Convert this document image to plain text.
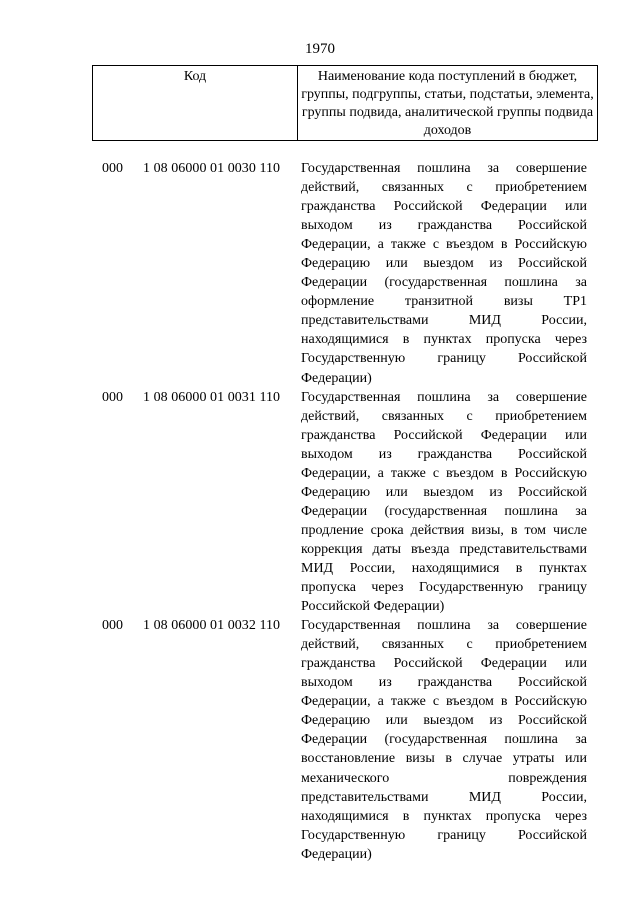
1970
Код	Наименование кода поступлений в бюджет, группы, подгруппы, статьи, подстатьи, элемента, группы подвида, аналитической группы подвида доходов
000 1 08 06000 01 0030 110 Государственная пошлина за совершение
действий, связанных с приобретением
гражданства Российской Федерации или
выходом из гражданства Российской
Федерации, а также с въездом в Российскую
Федерацию или выездом из Российской
Федерации (государственная пошлина за
оформление транзитной визы ТР1
представительствами МИД России,
находящимися в пунктах пропуска через
Государственную границу Российской
Федерации)
000 1 08 06000 01 0031 110 Государственная пошлина за совершение
действий, связанных с приобретением
гражданства Российской Федерации или
выходом из гражданства Российской
Федерации, а также с въездом в Российскую
Федерацию или выездом из Российской
Федерации (государственная пошлина за
продление срока действия визы, в том числе
коррекция даты въезда представительствами
МИД России, находящимися в пунктах
пропуска через Государственную границу
Российской Федерации)
000 1 08 06000 01 0032 110 Государственная пошлина за совершение
действий, связанных с приобретением
гражданства Российской Федерации или
выходом из гражданства Российской
Федерации, а также с въездом в Российскую
Федерацию или выездом из Российской
Федерации (государственная пошлина за
восстановление визы в случае утраты или
механического повреждения
представительствами МИД России,
находящимися в пунктах пропуска через
Государственную границу Российской
Федерации)
